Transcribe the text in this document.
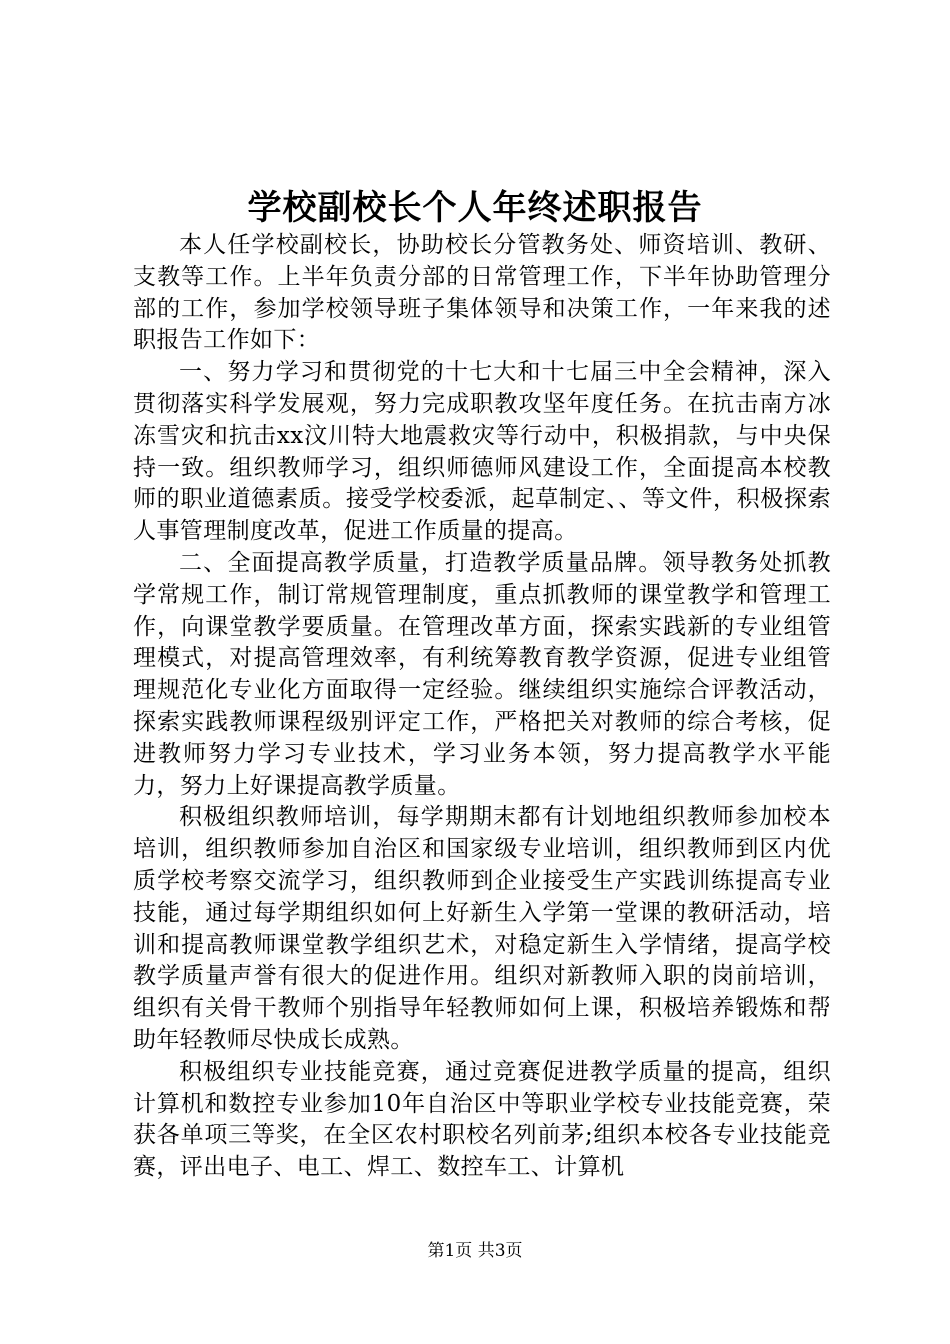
学校副校长个人年终述职报告

本人任学校副校长，协助校长分管教务处、师资培训、教研、支教等工作。上半年负责分部的日常管理工作，下半年协助管理分部的工作，参加学校领导班子集体领导和决策工作，一年来我的述职报告工作如下：

一、努力学习和贯彻党的十七大和十七届三中全会精神，深入贯彻落实科学发展观，努力完成职教攻坚年度任务。在抗击南方冰冻雪灾和抗击xx汶川特大地震救灾等行动中，积极捐款，与中央保持一致。组织教师学习，组织师德师风建设工作，全面提高本校教师的职业道德素质。接受学校委派，起草制定、、等文件，积极探索人事管理制度改革，促进工作质量的提高。

二、全面提高教学质量，打造教学质量品牌。领导教务处抓教学常规工作，制订常规管理制度，重点抓教师的课堂教学和管理工作，向课堂教学要质量。在管理改革方面，探索实践新的专业组管理模式，对提高管理效率，有利统筹教育教学资源，促进专业组管理规范化专业化方面取得一定经验。继续组织实施综合评教活动，探索实践教师课程级别评定工作，严格把关对教师的综合考核，促进教师努力学习专业技术，学习业务本领，努力提高教学水平能力，努力上好课提高教学质量。

积极组织教师培训，每学期期末都有计划地组织教师参加校本培训，组织教师参加自治区和国家级专业培训，组织教师到区内优质学校考察交流学习，组织教师到企业接受生产实践训练提高专业技能，通过每学期组织如何上好新生入学第一堂课的教研活动，培训和提高教师课堂教学组织艺术，对稳定新生入学情绪，提高学校教学质量声誉有很大的促进作用。组织对新教师入职的岗前培训，组织有关骨干教师个别指导年轻教师如何上课，积极培养锻炼和帮助年轻教师尽快成长成熟。

积极组织专业技能竞赛，通过竞赛促进教学质量的提高，组织计算机和数控专业参加10年自治区中等职业学校专业技能竞赛，荣获各单项三等奖，在全区农村职校名列前茅;组织本校各专业技能竞赛，评出电子、电工、焊工、数控车工、计算机

第1页 共3页
